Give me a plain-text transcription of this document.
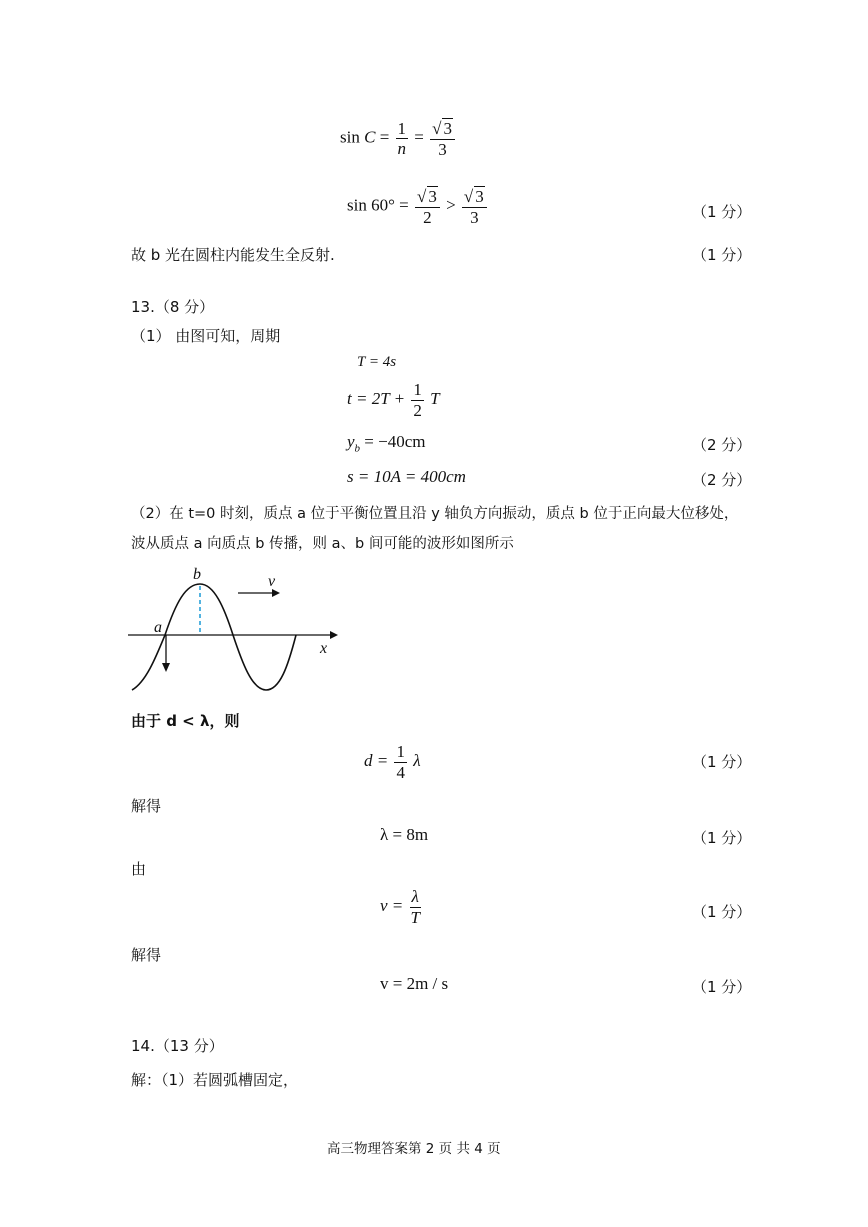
$\sin C = \frac{1}{n} = \frac{√ 3}{3}$
$\sin 60^\circ = \frac{√ 3}{2} > \frac{√ 3}{3}$	（1 分）
故 b 光在圆柱内能发生全反射.	（1 分）
13.（8 分）
（1） 由图可知，周期
T = 4s
$t = 2T + \frac{1}{2}$ T
$y_b = -40cm$	（2 分）
s = 10A = 400cm	（2 分）
（2）在 t=0 时刻，质点 a 位于平衡位置且沿 y 轴负方向振动，质点 b 位于正向最大位移处，
波从质点 a 向质点 b 传播，则 a、b 间可能的波形如图所示
a
b	v
x
由于 d < λ，则
$d = \frac{1}{4}$ λ	（1 分）
解得
λ = 8m	（1 分）
由
$v = \frac{\lambda}{T}$	（1 分）
解得
v = 2m / s	（1 分）
14.（13 分）
解：（1）若圆弧槽固定，
高三物理答案第 2 页 共 4 页
